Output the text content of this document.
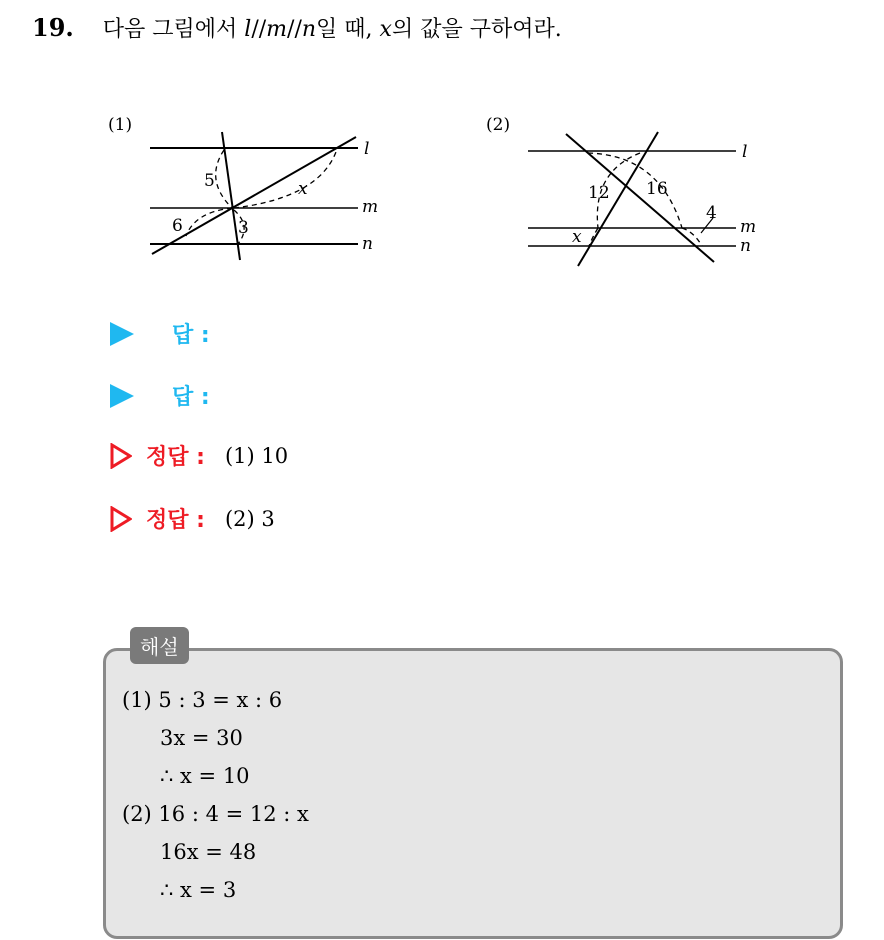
19. 다음 그림에서 l//m//n일 때, x의 값을 구하여라.
(1)
5
3
6
x
l
m
n
(2)
12 16
4
x
l
m
n
답 :
답 :
정답 : (1) 10
정답 : (2) 3
해설
(1) 5 : 3 = x : 6
3x = 30
∴ x = 10
(2) 16 : 4 = 12 : x
16x = 48
∴ x = 3
